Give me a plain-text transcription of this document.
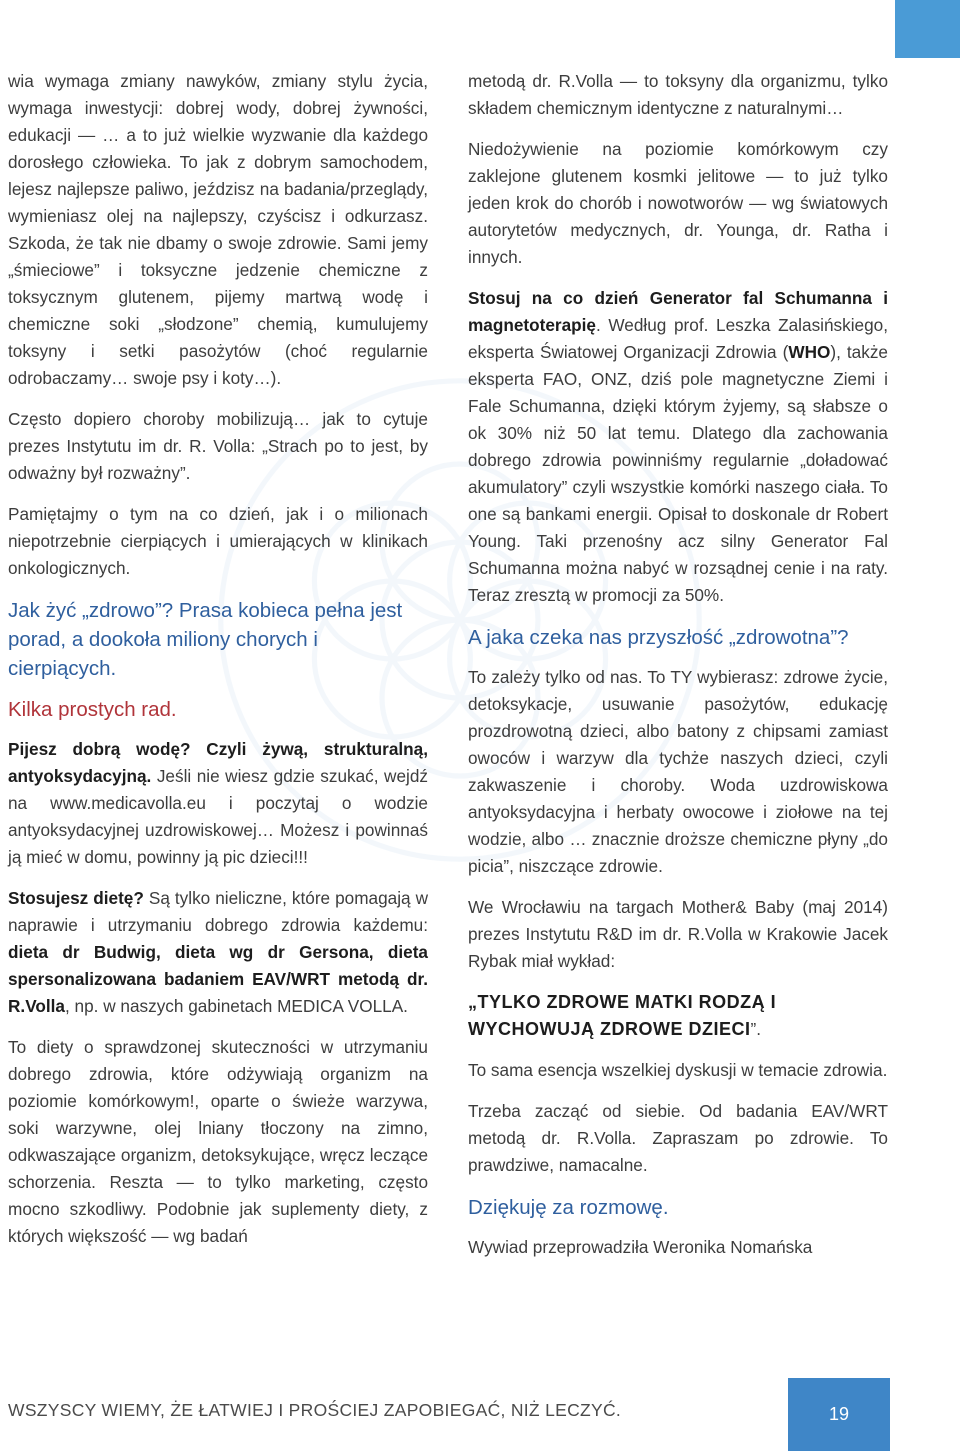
wia wymaga zmiany nawyków, zmiany stylu życia, wymaga inwestycji: dobrej wody, dobrej żywności, edukacji — … a to już wielkie wyzwanie dla każdego dorosłego człowieka. To jak z dobrym samochodem, lejesz najlepsze paliwo, jeździsz na badania/przeglądy, wymieniasz olej na najlepszy, czyścisz i odkurzasz. Szkoda, że tak nie dbamy o swoje zdrowie. Sami jemy „śmieciowe” i toksyczne jedzenie chemiczne z toksycznym glutenem, pijemy martwą wodę i chemiczne soki „słodzone” chemią, kumulujemy toksyny i setki pasożytów (choć regularnie odrobaczamy… swoje psy i koty…).

Często dopiero choroby mobilizują… jak to cytuje prezes Instytutu im dr. R. Volla: „Strach po to jest, by odważny był rozważny”.

Pamiętajmy o tym na co dzień, jak i o milionach niepotrzebnie cierpiących i umierających w klinikach onkologicznych.

Jak żyć „zdrowo”? Prasa kobieca pełna jest porad, a dookoła miliony chorych i cierpiących.
Kilka prostych rad.

Pijesz dobrą wodę? Czyli żywą, strukturalną, antyoksydacyjną. Jeśli nie wiesz gdzie szukać, wejdź na www.medicavolla.eu i poczytaj o wodzie antyoksydacyjnej uzdrowiskowej… Możesz i powinnaś ją mieć w domu, powinny ją pic dzieci!!!

Stosujesz dietę? Są tylko nieliczne, które pomagają w naprawie i utrzymaniu dobrego zdrowia każdemu: dieta dr Budwig, dieta wg dr Gersona, dieta spersonalizowana badaniem EAV/WRT metodą dr. R.Volla, np. w naszych gabinetach MEDICA VOLLA.

To diety o sprawdzonej skuteczności w utrzymaniu dobrego zdrowia, które odżywiają organizm na poziomie komórkowym!, oparte o świeże warzywa, soki warzywne, olej lniany tłoczony na zimno, odkwaszające organizm, detoksykujące, wręcz leczące schorzenia. Reszta — to tylko marketing, często mocno szkodliwy. Podobnie jak suplementy diety, z których większość — wg badań

metodą dr. R.Volla — to toksyny dla organizmu, tylko składem chemicznym identyczne z naturalnymi…

Niedożywienie na poziomie komórkowym czy zaklejone glutenem kosmki jelitowe — to już tylko jeden krok do chorób i nowotworów — wg światowych autorytetów medycznych, dr. Younga, dr. Ratha i innych.

Stosuj na co dzień Generator fal Schumanna i magnetoterapię. Według prof. Leszka Zalasińskiego, eksperta Światowej Organizacji Zdrowia (WHO), także eksperta FAO, ONZ, dziś pole magnetyczne Ziemi i Fale Schumanna, dzięki którym żyjemy, są słabsze o ok 30% niż 50 lat temu. Dlatego dla zachowania dobrego zdrowia powinniśmy regularnie „doładować akumulatory” czyli wszystkie komórki naszego ciała. To one są bankami energii. Opisał to doskonale dr Robert Young. Taki przenośny acz silny Generator Fal Schumanna można nabyć w rozsądnej cenie i na raty. Teraz zresztą w promocji za 50%.

A jaka czeka nas przyszłość „zdrowotna”?

To zależy tylko od nas. To TY wybierasz: zdrowe życie, detoksykacje, usuwanie pasożytów, edukację prozdrowotną dzieci, albo batony z chipsami zamiast owoców i warzyw dla tychże naszych dzieci, czyli zakwaszenie i choroby. Woda uzdrowiskowa antyoksydacyjna i herbaty owocowe i ziołowe na tej wodzie, albo … znacznie droższe chemiczne płyny „do picia”, niszczące zdrowie.

We Wrocławiu na targach Mother& Baby (maj 2014) prezes Instytutu R&D im dr. R.Volla w Krakowie Jacek Rybak miał wykład:

„TYLKO ZDROWE MATKI RODZĄ I WYCHOWUJĄ ZDROWE DZIECI”.

To sama esencja wszelkiej dyskusji w temacie zdrowia.

Trzeba zacząć od siebie. Od badania EAV/WRT metodą dr. R.Volla. Zapraszam po zdrowie. To prawdziwe, namacalne.

Dziękuję za rozmowę.

Wywiad przeprowadziła Weronika Nomańska

WSZYSCY WIEMY, ŻE ŁATWIEJ I PROŚCIEJ ZAPOBIEGAĆ, NIŻ LECZYĆ.	19
